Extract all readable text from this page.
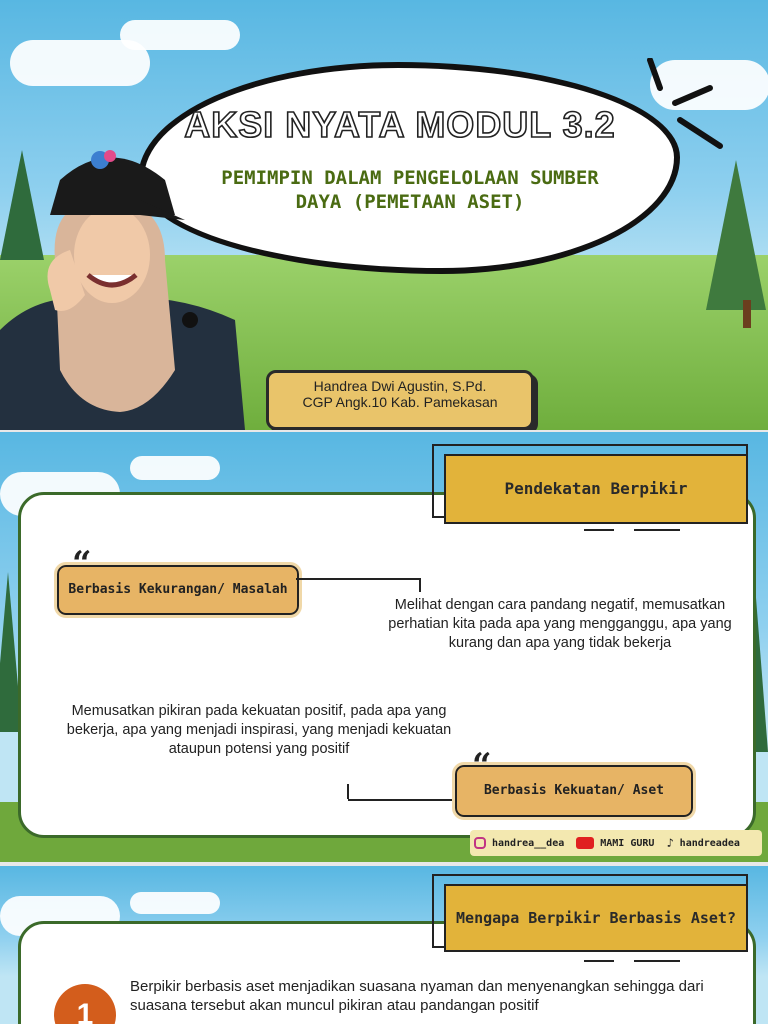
AKSI NYATA MODUL 3.2
PEMIMPIN DALAM PENGELOLAAN SUMBER
DAYA (PEMETAAN ASET)
Handrea Dwi Agustin, S.Pd.
CGP Angk.10 Kab. Pamekasan
Pendekatan Berpikir
Berbasis Kekurangan/ Masalah
Melihat dengan cara pandang negatif, memusatkan perhatian kita pada apa yang mengganggu, apa yang kurang dan apa yang tidak bekerja
Memusatkan pikiran pada kekuatan positif, pada apa yang bekerja, apa yang menjadi inspirasi, yang menjadi kekuatan ataupun potensi yang positif
Berbasis Kekuatan/ Aset
handrea__dea	MAMI GURU ♪ handreadea
Mengapa Berpikir Berbasis Aset?
1
Berpikir berbasis aset menjadikan suasana nyaman dan menyenangkan sehingga dari suasana tersebut akan muncul pikiran atau pandangan positif
